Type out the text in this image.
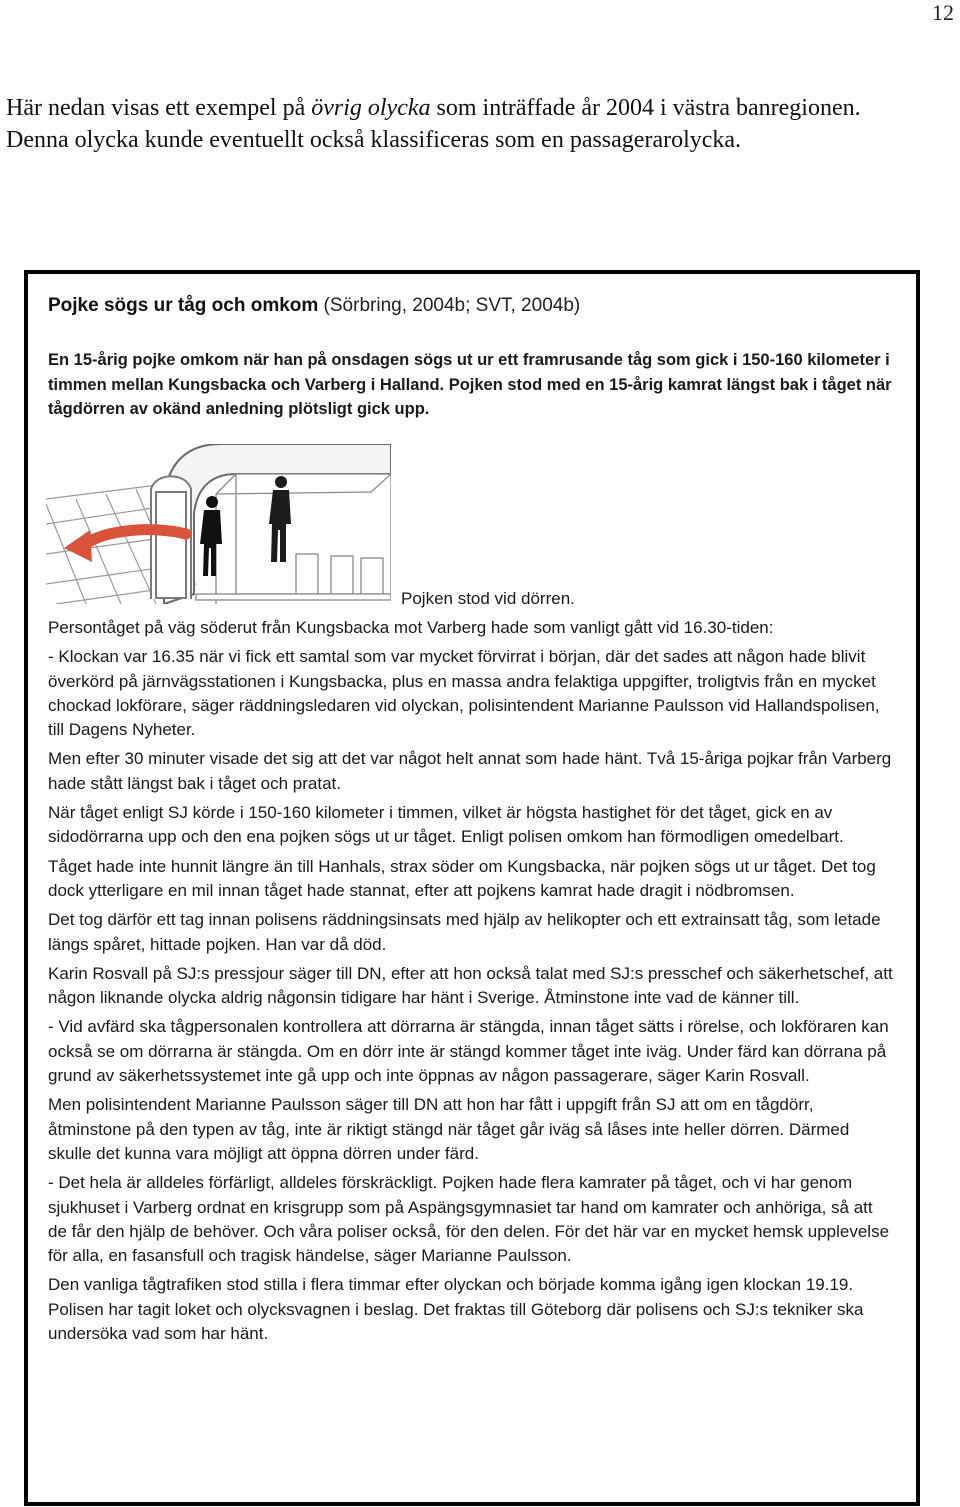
12
Här nedan visas ett exempel på övrig olycka som inträffade år 2004 i västra banregionen. Denna olycka kunde eventuellt också klassificeras som en passagerarolycka.
Pojke sögs ur tåg och omkom (Sörbring, 2004b; SVT, 2004b)
En 15-årig pojke omkom när han på onsdagen sögs ut ur ett framrusande tåg som gick i 150-160 kilometer i timmen mellan Kungsbacka och Varberg i Halland. Pojken stod med en 15-årig kamrat längst bak i tåget när tågdörren av okänd anledning plötsligt gick upp.
Pojken stod vid dörren.

Persontåget på väg söderut från Kungsbacka mot Varberg hade som vanligt gått vid 16.30-tiden:

- Klockan var 16.35 när vi fick ett samtal som var mycket förvirrat i början, där det sades att någon hade blivit överkörd på järnvägsstationen i Kungsbacka, plus en massa andra felaktiga uppgifter, troligtvis från en mycket chockad lokförare, säger räddningsledaren vid olyckan, polisintendent Marianne Paulsson vid Hallandspolisen, till Dagens Nyheter.

Men efter 30 minuter visade det sig att det var något helt annat som hade hänt. Två 15-åriga pojkar från Varberg hade stått längst bak i tåget och pratat.

När tåget enligt SJ körde i 150-160 kilometer i timmen, vilket är högsta hastighet för det tåget, gick en av sidodörrarna upp och den ena pojken sögs ut ur tåget. Enligt polisen omkom han förmodligen omedelbart.

Tåget hade inte hunnit längre än till Hanhals, strax söder om Kungsbacka, när pojken sögs ut ur tåget. Det tog dock ytterligare en mil innan tåget hade stannat, efter att pojkens kamrat hade dragit i nödbromsen.

Det tog därför ett tag innan polisens räddningsinsats med hjälp av helikopter och ett extrainsatt tåg, som letade längs spåret, hittade pojken. Han var då död.

Karin Rosvall på SJ:s pressjour säger till DN, efter att hon också talat med SJ:s presschef och säkerhetschef, att någon liknande olycka aldrig någonsin tidigare har hänt i Sverige. Åtminstone inte vad de känner till.

- Vid avfärd ska tågpersonalen kontrollera att dörrarna är stängda, innan tåget sätts i rörelse, och lokföraren kan också se om dörrarna är stängda. Om en dörr inte är stängd kommer tåget inte iväg. Under färd kan dörrana på grund av säkerhetssystemet inte gå upp och inte öppnas av någon passagerare, säger Karin Rosvall.

Men polisintendent Marianne Paulsson säger till DN att hon har fått i uppgift från SJ att om en tågdörr, åtminstone på den typen av tåg, inte är riktigt stängd när tåget går iväg så låses inte heller dörren. Därmed skulle det kunna vara möjligt att öppna dörren under färd.

- Det hela är alldeles förfärligt, alldeles förskräckligt. Pojken hade flera kamrater på tåget, och vi har genom sjukhuset i Varberg ordnat en krisgrupp som på Aspängsgymnasiet tar hand om kamrater och anhöriga, så att de får den hjälp de behöver. Och våra poliser också, för den delen. För det här var en mycket hemsk upplevelse för alla, en fasansfull och tragisk händelse, säger Marianne Paulsson.

Den vanliga tågtrafiken stod stilla i flera timmar efter olyckan och började komma igång igen klockan 19.19. Polisen har tagit loket och olycksvagnen i beslag. Det fraktas till Göteborg där polisens och SJ:s tekniker ska undersöka vad som har hänt.
